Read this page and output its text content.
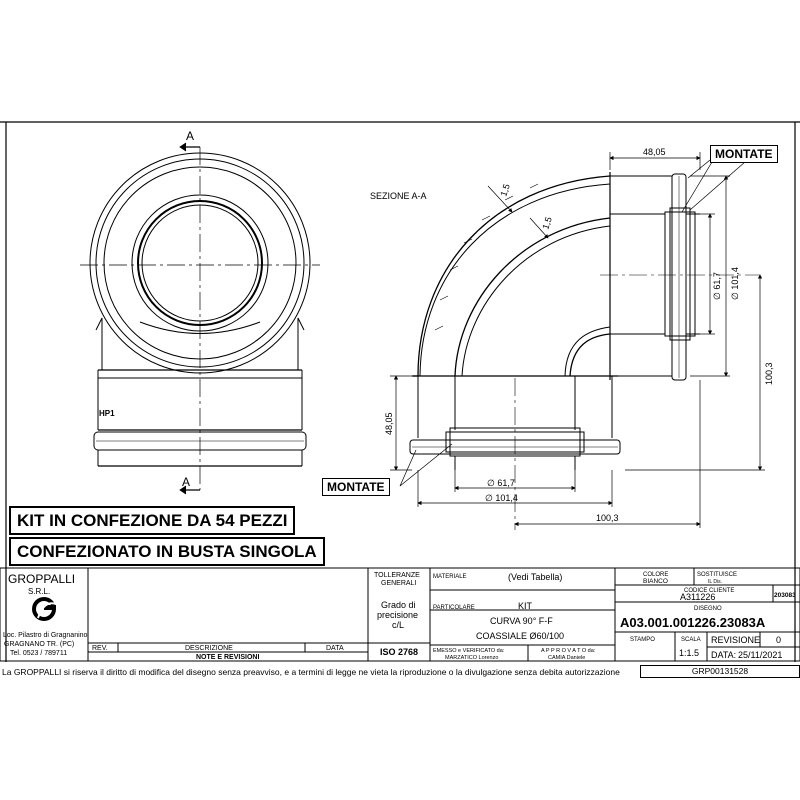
A
A
HP1
SEZIONE A-A
48,05
1,5
1,5
∅ 61,7 ∅ 101,4
100,3
48,05
∅ 61,7
∅ 101,4
100,3
GROPPALLI
S.R.L.
Loc. Pilastro di Gragnanino
GRAGNANO TR. (PC)
Tel. 0523 / 789711
REV.	DESCRIZIONE	DATA
NOTE E REVISIONI
TOLLERANZE
GENERALI
Grado di
precisione
c/L
ISO 2768
MATERIALE	(Vedi Tabella)
PARTICOLARE	KIT
CURVA 90° F-F
COASSIALE Ø60/100
EMESSO e VERIFICATO da:
MARZATICO Lorenzo
A P P R O V A T O da:
CAMIA Daniele
COLORE
BIANCO
SOSTITUISCE
IL Dis.
CODICE CLIENTE
A311226	203083
DISEGNO
A03.001.001226.23083A
STAMPO	SCALA
1:1.5
REVISIONE 0
DATA: 25/11/2021
MONTATE
MONTATE
KIT IN CONFEZIONE DA 54 PEZZI
CONFEZIONATO IN BUSTA SINGOLA
La GROPPALLI si riserva il diritto di modifica del disegno senza preavviso, e a termini di legge ne vieta la riproduzione o la divulgazione senza debita autorizzazione	GRP00131528
